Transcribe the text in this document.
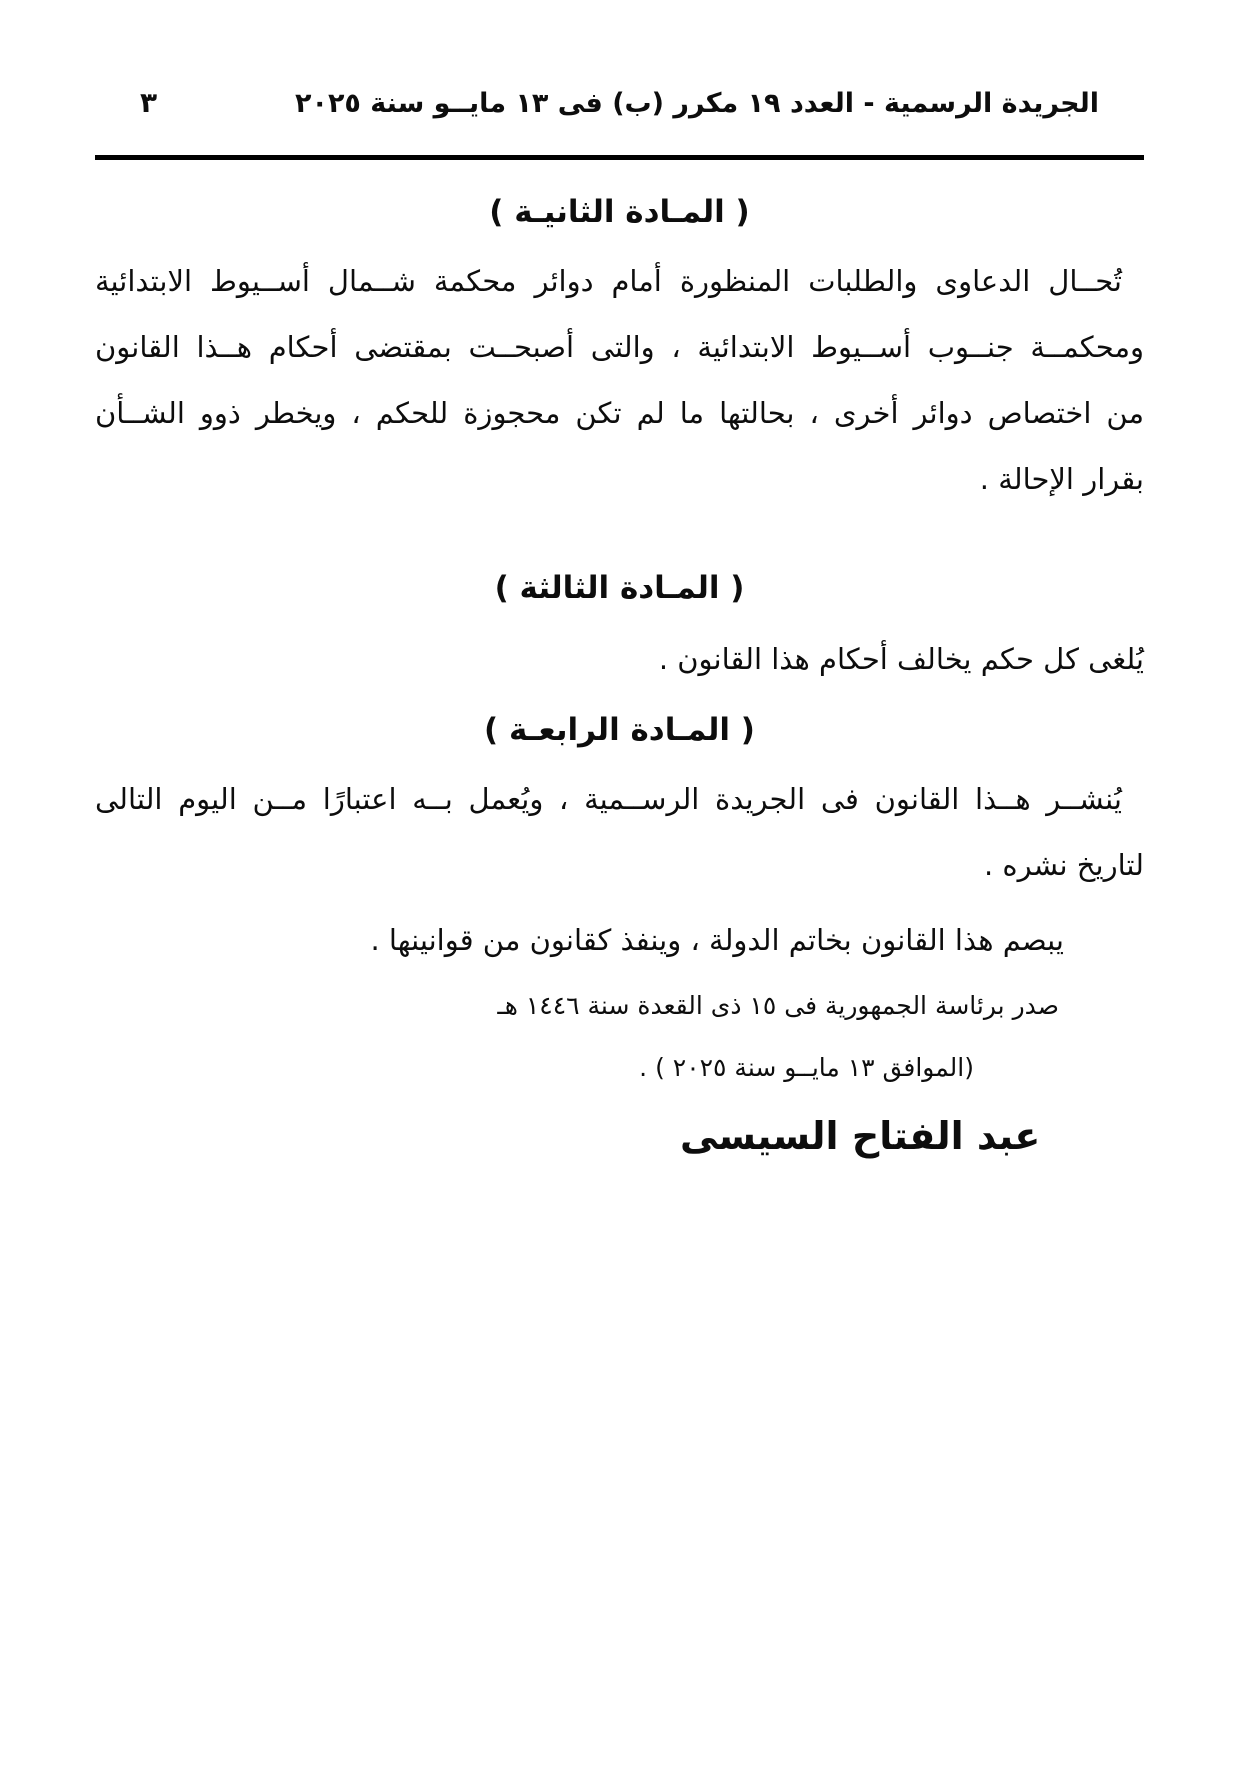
الجريدة الرسمية - العدد ١٩ مكرر (ب) فى ١٣ مايــو سنة ٢٠٢٥
٣
( المـادة الثانيـة )
تُحــال الدعاوى والطلبات المنظورة أمام دوائر محكمة شــمال أســيوط الابتدائية
ومحكمــة جنــوب أســيوط الابتدائية ، والتى أصبحــت بمقتضى أحكام هــذا القانون
من اختصاص دوائر أخرى ، بحالتها ما لم تكن محجوزة للحكم ، ويخطر ذوو الشــأن
بقرار الإحالة .
( المـادة الثالثة )
يُلغى كل حكم يخالف أحكام هذا القانون .
( المـادة الرابعـة )
يُنشــر هــذا القانون فى الجريدة الرســمية ، ويُعمل بــه اعتبارًا مــن اليوم التالى
لتاريخ نشره .
يبصم هذا القانون بخاتم الدولة ، وينفذ كقانون من قوانينها .
صدر برئاسة الجمهورية فى ١٥ ذى القعدة سنة ١٤٤٦ هـ
(الموافق ١٣ مايــو سنة ٢٠٢٥ ) .
عبد الفتاح السيسى
